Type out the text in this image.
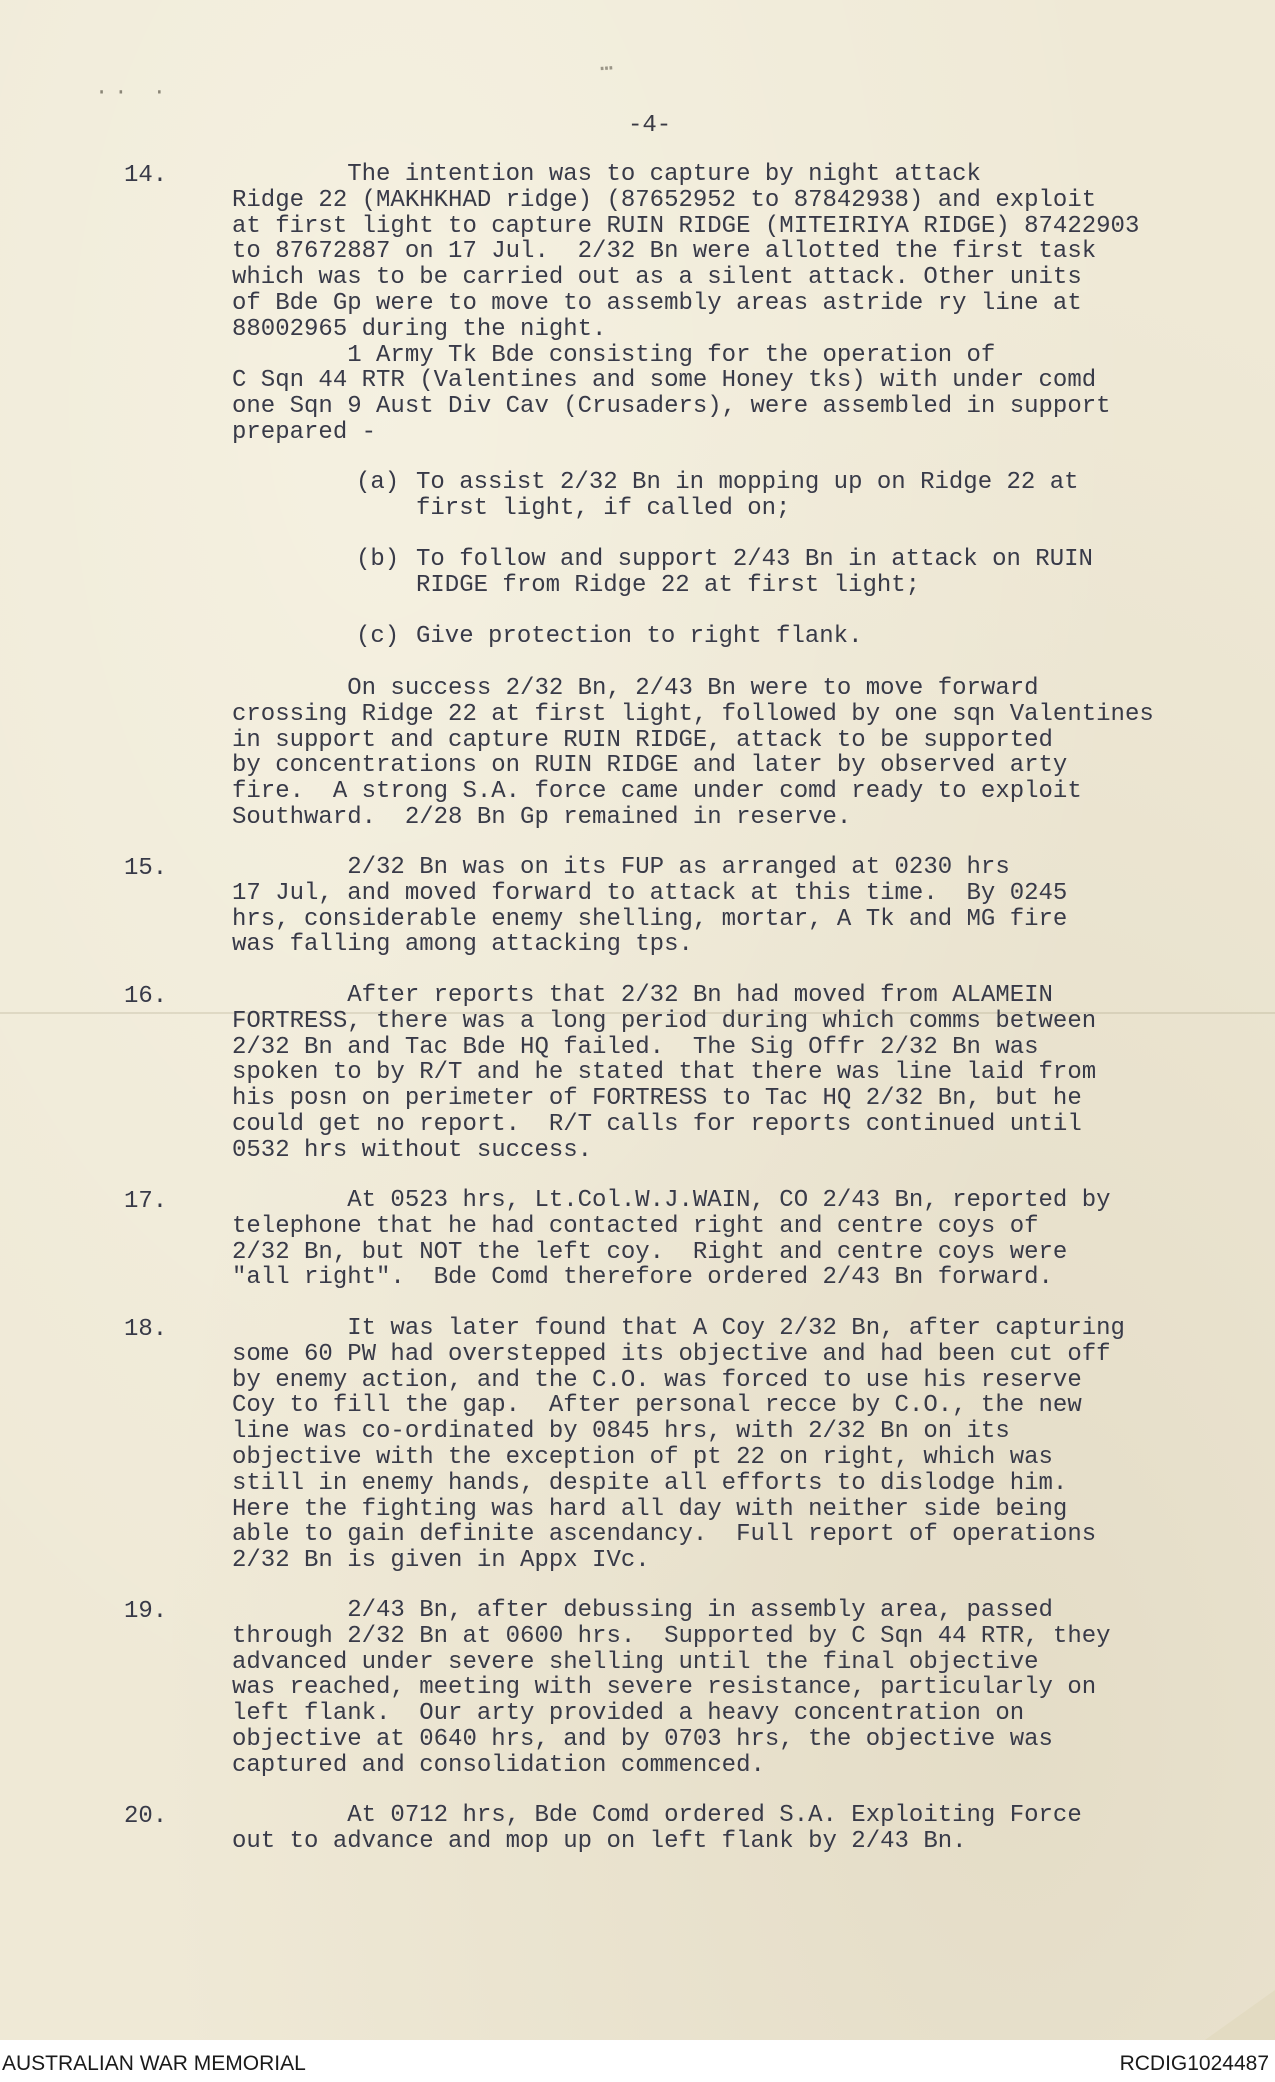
·· ∙
⋯
-4-
14.	The intention was to capture by night attack
Ridge 22 (MAKHKHAD ridge) (87652952 to 87842938) and exploit
at first light to capture RUIN RIDGE (MITEIRIYA RIDGE) 87422903
to 87672887 on 17 Jul.  2/32 Bn were allotted the first task
which was to be carried out as a silent attack. Other units
of Bde Gp were to move to assembly areas astride ry line at
88002965 during the night.
1 Army Tk Bde consisting for the operation of
C Sqn 44 RTR (Valentines and some Honey tks) with under comd
one Sqn 9 Aust Div Cav (Crusaders), were assembled in support
prepared -
(a) To assist 2/32 Bn in mopping up on Ridge 22 at
first light, if called on;
(b) To follow and support 2/43 Bn in attack on RUIN
RIDGE from Ridge 22 at first light;
(c) Give protection to right flank.
On success 2/32 Bn, 2/43 Bn were to move forward
crossing Ridge 22 at first light, followed by one sqn Valentines
in support and capture RUIN RIDGE, attack to be supported
by concentrations on RUIN RIDGE and later by observed arty
fire.  A strong S.A. force came under comd ready to exploit
Southward.  2/28 Bn Gp remained in reserve.
15.	2/32 Bn was on its FUP as arranged at 0230 hrs
17 Jul, and moved forward to attack at this time.  By 0245
hrs, considerable enemy shelling, mortar, A Tk and MG fire
was falling among attacking tps.
16.	After reports that 2/32 Bn had moved from ALAMEIN
FORTRESS, there was a long period during which comms between
2/32 Bn and Tac Bde HQ failed.  The Sig Offr 2/32 Bn was
spoken to by R/T and he stated that there was line laid from
his posn on perimeter of FORTRESS to Tac HQ 2/32 Bn, but he
could get no report.  R/T calls for reports continued until
0532 hrs without success.
17.	At 0523 hrs, Lt.Col.W.J.WAIN, CO 2/43 Bn, reported by
telephone that he had contacted right and centre coys of
2/32 Bn, but NOT the left coy.  Right and centre coys were
"all right".  Bde Comd therefore ordered 2/43 Bn forward.
18.	It was later found that A Coy 2/32 Bn, after capturing
some 60 PW had overstepped its objective and had been cut off
by enemy action, and the C.O. was forced to use his reserve
Coy to fill the gap.  After personal recce by C.O., the new
line was co-ordinated by 0845 hrs, with 2/32 Bn on its
objective with the exception of pt 22 on right, which was
still in enemy hands, despite all efforts to dislodge him.
Here the fighting was hard all day with neither side being
able to gain definite ascendancy.  Full report of operations
2/32 Bn is given in Appx IVc.
19.	2/43 Bn, after debussing in assembly area, passed
through 2/32 Bn at 0600 hrs.  Supported by C Sqn 44 RTR, they
advanced under severe shelling until the final objective
was reached, meeting with severe resistance, particularly on
left flank.  Our arty provided a heavy concentration on
objective at 0640 hrs, and by 0703 hrs, the objective was
captured and consolidation commenced.
20.	At 0712 hrs, Bde Comd ordered S.A. Exploiting Force
out to advance and mop up on left flank by 2/43 Bn.
AUSTRALIAN WAR MEMORIAL	RCDIG1024487
